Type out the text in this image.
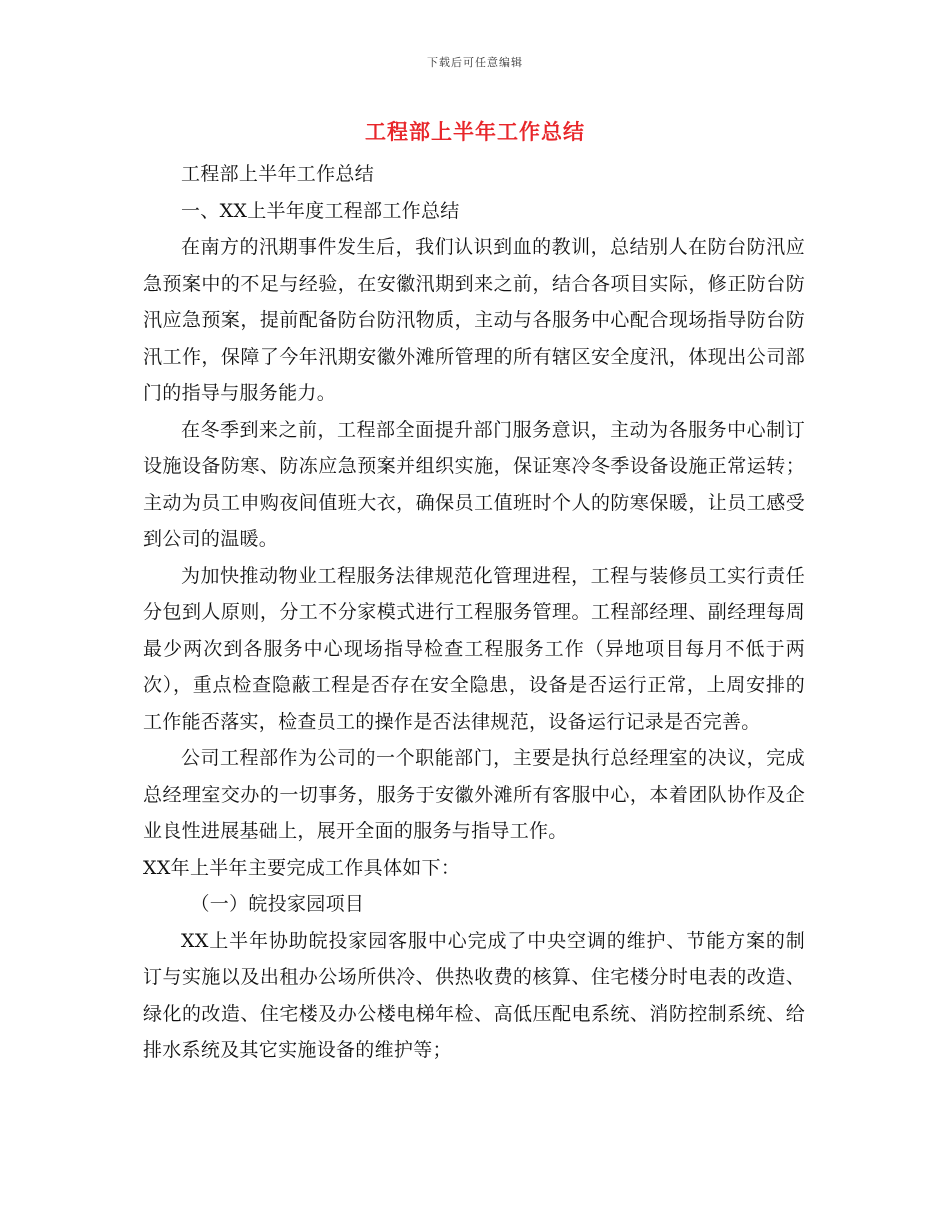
下载后可任意编辑
工程部上半年工作总结

工程部上半年工作总结

一、XX上半年度工程部工作总结

在南方的汛期事件发生后，我们认识到血的教训，总结别人在防台防汛应急预案中的不足与经验，在安徽汛期到来之前，结合各项目实际，修正防台防汛应急预案，提前配备防台防汛物质，主动与各服务中心配合现场指导防台防汛工作，保障了今年汛期安徽外滩所管理的所有辖区安全度汛，体现出公司部门的指导与服务能力。

在冬季到来之前，工程部全面提升部门服务意识，主动为各服务中心制订设施设备防寒、防冻应急预案并组织实施，保证寒冷冬季设备设施正常运转；主动为员工申购夜间值班大衣，确保员工值班时个人的防寒保暖，让员工感受到公司的温暖。

为加快推动物业工程服务法律规范化管理进程，工程与装修员工实行责任分包到人原则，分工不分家模式进行工程服务管理。工程部经理、副经理每周最少两次到各服务中心现场指导检查工程服务工作（异地项目每月不低于两次），重点检查隐蔽工程是否存在安全隐患，设备是否运行正常，上周安排的工作能否落实，检查员工的操作是否法律规范，设备运行记录是否完善。

公司工程部作为公司的一个职能部门，主要是执行总经理室的决议，完成总经理室交办的一切事务，服务于安徽外滩所有客服中心，本着团队协作及企业良性进展基础上，展开全面的服务与指导工作。

XX年上半年主要完成工作具体如下：

（一）皖投家园项目

XX上半年协助皖投家园客服中心完成了中央空调的维护、节能方案的制订与实施以及出租办公场所供冷、供热收费的核算、住宅楼分时电表的改造、绿化的改造、住宅楼及办公楼电梯年检、高低压配电系统、消防控制系统、给排水系统及其它实施设备的维护等；
